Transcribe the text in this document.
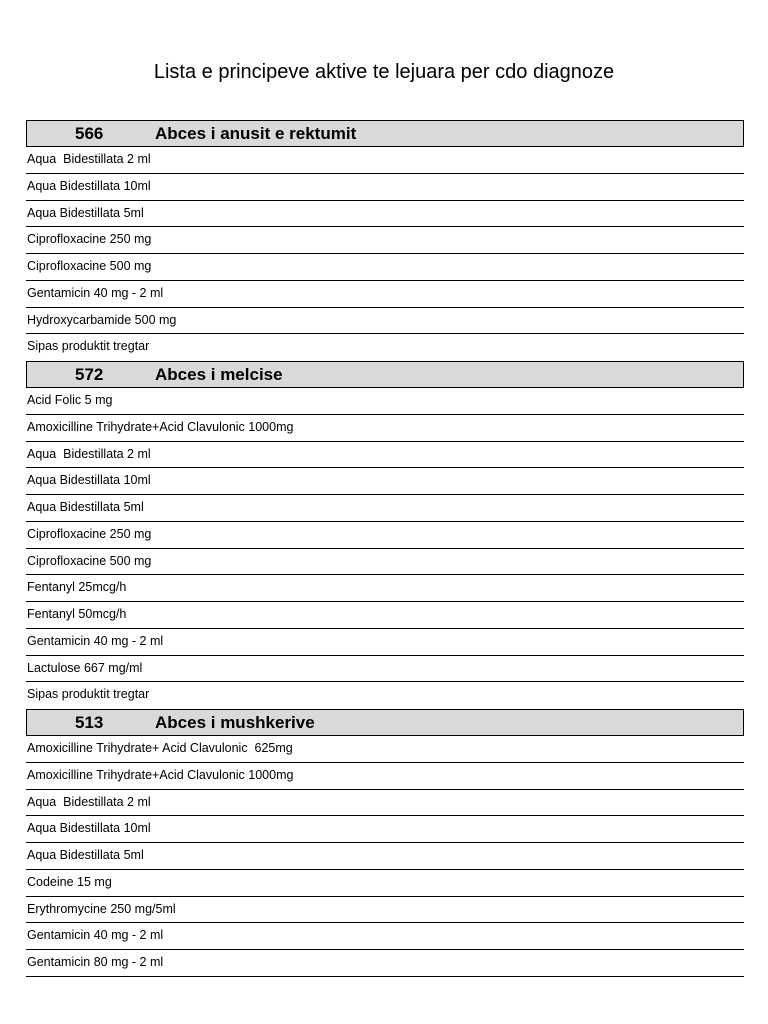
Lista e principeve aktive te lejuara per cdo diagnoze
566	Abces i anusit e rektumit
Aqua  Bidestillata 2 ml
Aqua Bidestillata 10ml
Aqua Bidestillata 5ml
Ciprofloxacine 250 mg
Ciprofloxacine 500 mg
Gentamicin 40 mg - 2 ml
Hydroxycarbamide 500 mg
Sipas produktit tregtar
572	Abces i melcise
Acid Folic 5 mg
Amoxicilline Trihydrate+Acid Clavulonic 1000mg
Aqua  Bidestillata 2 ml
Aqua Bidestillata 10ml
Aqua Bidestillata 5ml
Ciprofloxacine 250 mg
Ciprofloxacine 500 mg
Fentanyl 25mcg/h
Fentanyl 50mcg/h
Gentamicin 40 mg - 2 ml
Lactulose 667 mg/ml
Sipas produktit tregtar
513	Abces i mushkerive
Amoxicilline Trihydrate+ Acid Clavulonic  625mg
Amoxicilline Trihydrate+Acid Clavulonic 1000mg
Aqua  Bidestillata 2 ml
Aqua Bidestillata 10ml
Aqua Bidestillata 5ml
Codeine 15 mg
Erythromycine 250 mg/5ml
Gentamicin 40 mg - 2 ml
Gentamicin 80 mg - 2 ml
